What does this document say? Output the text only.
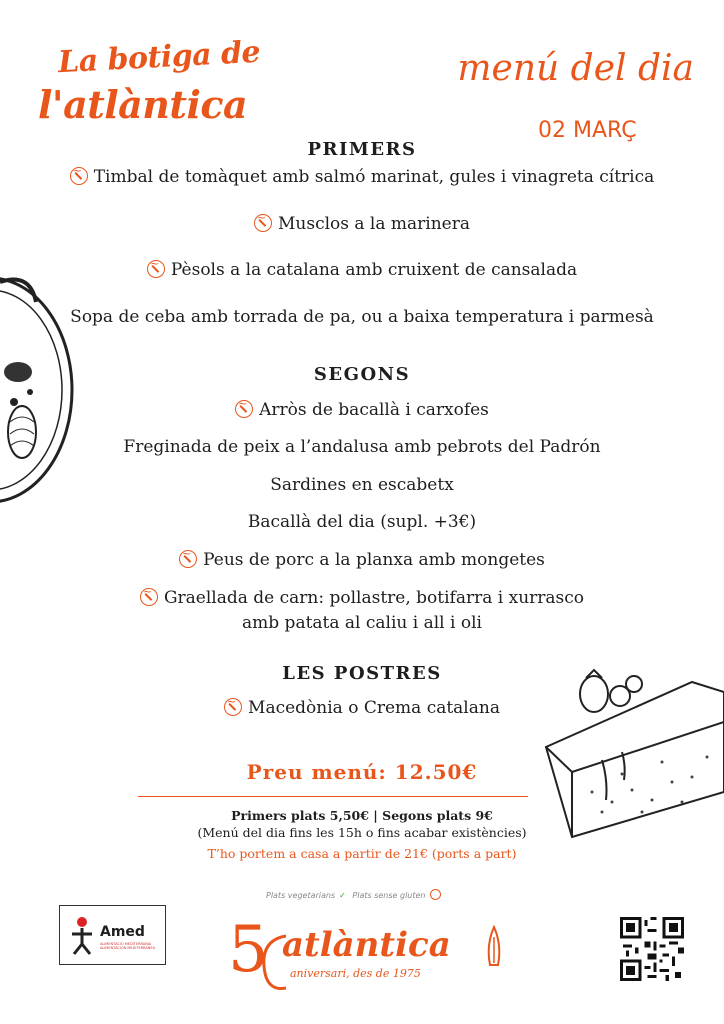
La botiga de
l'atlàntica
menú del dia
02 MARÇ
PRIMERS
~Timbal de tomàquet amb salmó marinat, gules i vinagreta cítrica
~Musclos a la marinera
~Pèsols a la catalana amb cruixent de cansalada
Sopa de ceba amb torrada de pa, ou a baixa temperatura i parmesà
SEGONS
~Arròs de bacallà i carxofes
Freginada de peix a l’andalusa amb pebrots del Padrón
Sardines en escabetx
Bacallà del dia (supl. +3€)
~Peus de porc a la planxa amb mongetes
~Graellada de carn: pollastre, botifarra i xurrasco
amb patata al caliu i all i oli
LES POSTRES
~Macedònia o Crema catalana
Preu menú: 12.50€
Primers plats 5,50€ | Segons plats 9€
(Menú del dia fins les 15h o fins acabar existències)
T’ho portem a casa a partir de 21€ (ports a part)
Plats vegetarians ✓ Plats sense gluten
Amed
ALIMENTACIÓ MEDITERRÀNIA ALIMENTACIÓN MEDITERRÁNEA 5 atlàntica
aniversari, des de 1975
